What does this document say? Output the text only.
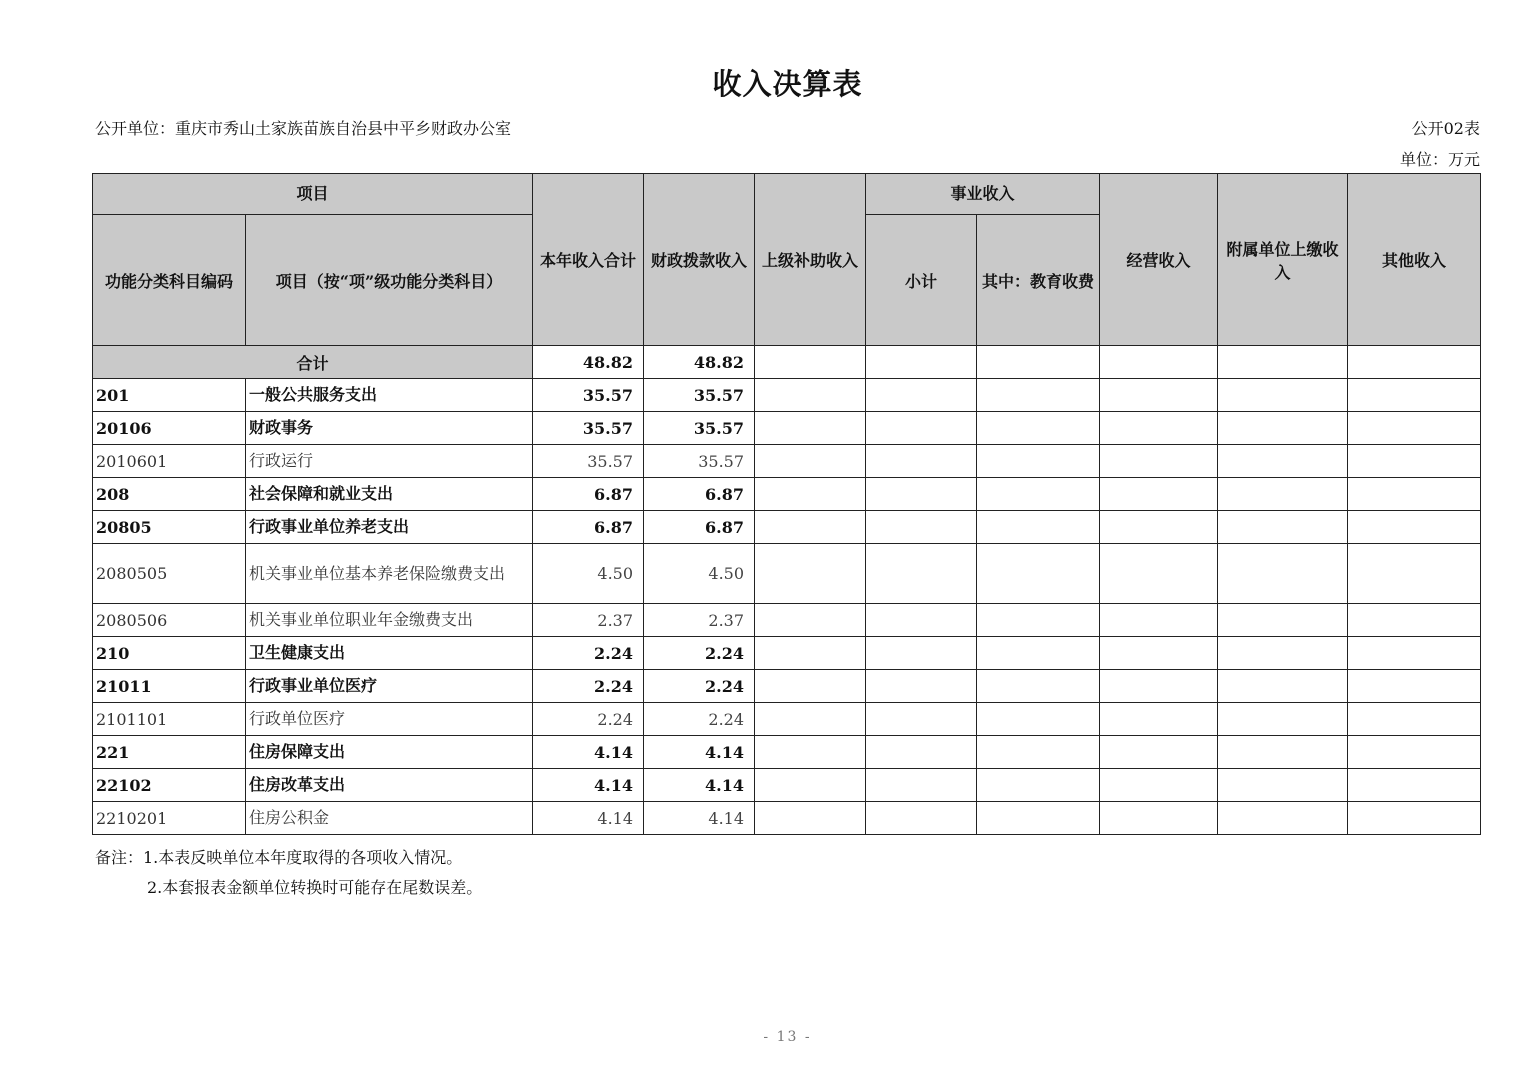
收入决算表
公开单位：重庆市秀山土家族苗族自治县中平乡财政办公室	公开02表
单位：万元
项目		本年收入合计	财政拨款收入	上级补助收入	事业收入		经营收入	附属单位上缴收入	其他收入
功能分类科目编码	项目（按“项”级功能分类科目）				小计	其中：教育收费			
合计		48.82	48.82						
201	一般公共服务支出	35.57	35.57						
20106	财政事务	35.57	35.57						
2010601	行政运行	35.57	35.57						
208	社会保障和就业支出	6.87	6.87						
20805	行政事业单位养老支出	6.87	6.87						
2080505	机关事业单位基本养老保险缴费支出	4.50	4.50						
2080506	机关事业单位职业年金缴费支出	2.37	2.37						
210	卫生健康支出	2.24	2.24						
21011	行政事业单位医疗	2.24	2.24						
2101101	行政单位医疗	2.24	2.24						
221	住房保障支出	4.14	4.14						
22102	住房改革支出	4.14	4.14						
2210201	住房公积金	4.14	4.14						
备注：1.本表反映单位本年度取得的各项收入情况。
2.本套报表金额单位转换时可能存在尾数误差。
- 13 -
